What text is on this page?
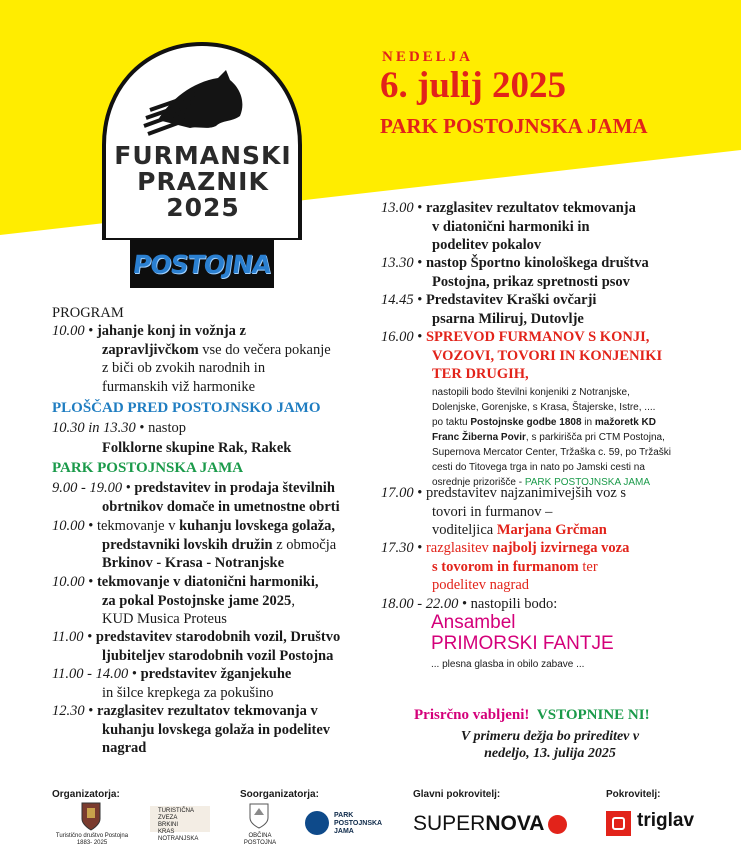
FURMANSKI
PRAZNIK
2025
POSTOJNA
NEDELJA
6. julij 2025
PARK POSTOJNSKA JAMA
PROGRAM
10.00 • jahanje konj in vožnja z
zapravljivčkom vse do večera pokanje
z biči ob zvokih narodnih in
furmanskih viž harmonike
PLOŠČAD PRED POSTOJNSKO JAMO
10.30 in 13.30 • nastop
Folklorne skupine Rak, Rakek
PARK POSTOJNSKA JAMA
9.00 - 19.00 • predstavitev in prodaja številnih
obrtnikov domače in umetnostne obrti
10.00 • tekmovanje v kuhanju lovskega golaža,
predstavniki lovskih družin z območja
Brkinov - Krasa - Notranjske
10.00 • tekmovanje v diatonični harmoniki,
za pokal Postojnske jame 2025,
KUD Musica Proteus
11.00 • predstavitev starodobnih vozil, Društvo
ljubiteljev starodobnih vozil Postojna
11.00 - 14.00 • predstavitev žganjekuhe
in šilce krepkega za pokušino
12.30 • razglasitev rezultatov tekmovanja v
kuhanju lovskega golaža in podelitev
nagrad
13.00 • razglasitev rezultatov tekmovanja
v diatonični harmoniki in
podelitev pokalov
13.30 • nastop Športno kinološkega društva
Postojna, prikaz spretnosti psov
14.45 • Predstavitev Kraški ovčarji
psarna Miliruj, Dutovlje
16.00 • SPREVOD FURMANOV S KONJI,
VOZOVI, TOVORI IN KONJENIKI
TER DRUGIH,
nastopili bodo številni konjeniki z Notranjske,
Dolenjske, Gorenjske, s Krasa, Štajerske, Istre, ....
po taktu Postojnske godbe 1808 in mažoretk KD
Franc Žiberna Povir, s parkirišča pri CTM Postojna,
Supernova Mercator Center, Tržaška c. 59, po Tržaški
cesti do Titovega trga in nato po Jamski cesti na
osrednje prizorišče - PARK POSTOJNSKA JAMA
17.00 • predstavitev najzanimivejših voz s
tovori in furmanov –
voditeljica Marjana Grčman
17.30 • razglasitev najbolj izvirnega voza
s tovorom in furmanom ter
podelitev nagrad
18.00 - 22.00 • nastopili bodo:
Ansambel
PRIMORSKI FANTJE
... plesna glasba in obilo zabave ...
Prisrčno vabljeni! VSTOPNINE NI!
V primeru dežja bo prireditev v
nedeljo, 13. julija 2025
Organizatorja:
Turistično društvo Postojna
1883- 2025
TURISTIČNA ZVEZA
BRKINI
KRAS
NOTRANJSKA
Soorganizatorja:
OBČINA
POSTOJNA
PARK
POSTOJNSKA
JAMA
Glavni pokrovitelj:
SUPERNOVA
Pokrovitelj:
triglav
